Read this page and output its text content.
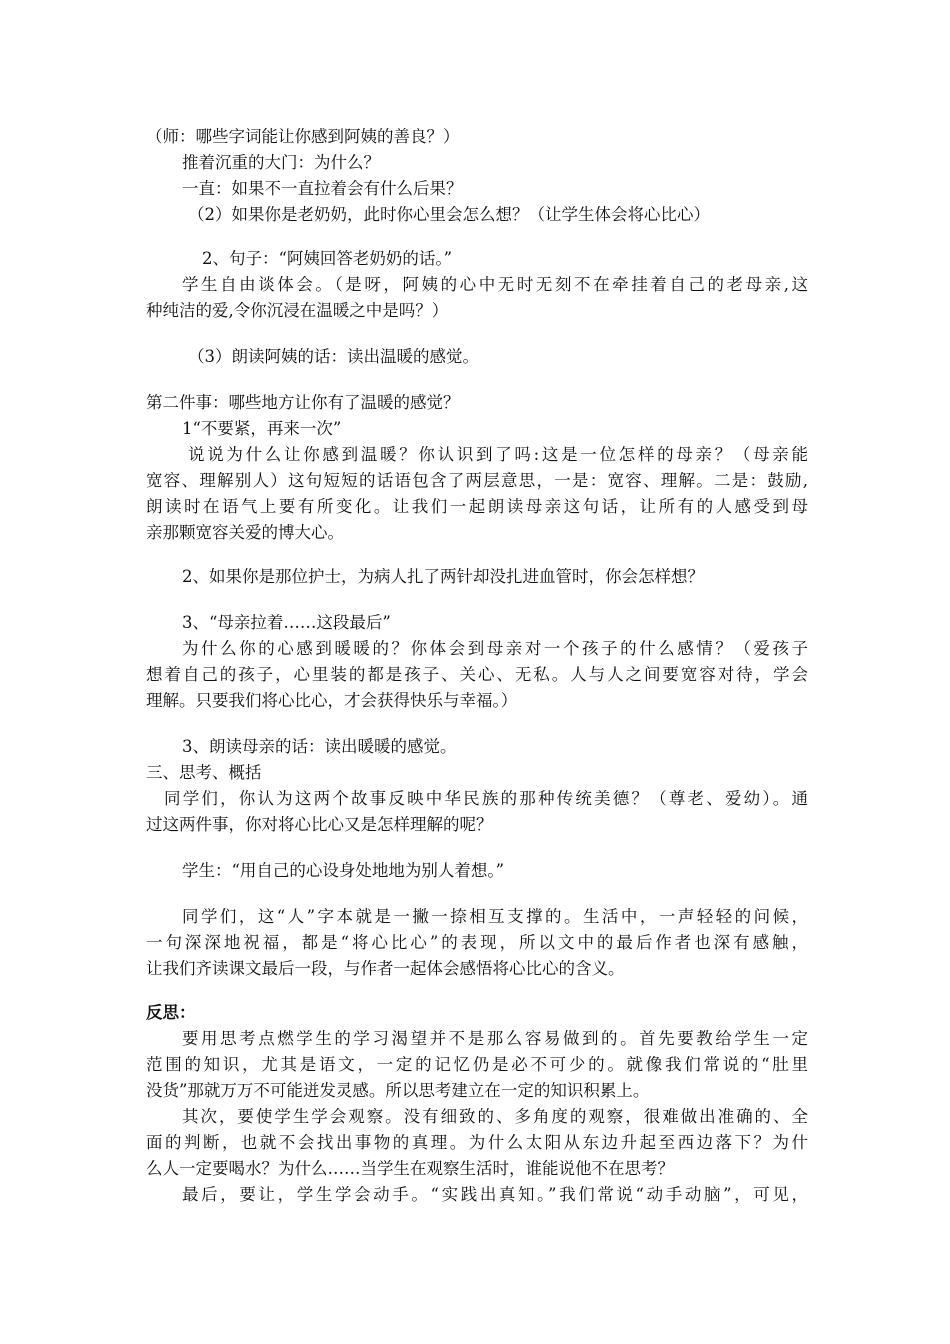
（师：哪些字词能让你感到阿姨的善良？）
推着沉重的大门：为什么？
一直：如果不一直拉着会有什么后果？
（2）如果你是老奶奶，此时你心里会怎么想？（让学生体会将心比心）
2、句子：“阿姨回答老奶奶的话。”
学生自由谈体会。（是呀，阿姨的心中无时无刻不在牵挂着自己的老母亲,这
种纯洁的爱,令你沉浸在温暖之中是吗？）
（3）朗读阿姨的话：读出温暖的感觉。
第二件事：哪些地方让你有了温暖的感觉？
1“不要紧，再来一次”
说说为什么让你感到温暖？你认识到了吗:这是一位怎样的母亲？（母亲能
宽容、理解别人）这句短短的话语包含了两层意思，一是：宽容、理解。二是：鼓励,
朗读时在语气上要有所变化。让我们一起朗读母亲这句话，让所有的人感受到母
亲那颗宽容关爱的博大心。
2、如果你是那位护士，为病人扎了两针却没扎进血管时，你会怎样想？
3、“母亲拉着……这段最后”
为什么你的心感到暖暖的？你体会到母亲对一个孩子的什么感情？（爱孩子
想着自己的孩子，心里装的都是孩子、关心、无私。人与人之间要宽容对待，学会
理解。只要我们将心比心，才会获得快乐与幸福。）
3、朗读母亲的话：读出暖暖的感觉。
三、思考、概括
同学们，你认为这两个故事反映中华民族的那种传统美德？（尊老、爱幼）。通
过这两件事，你对将心比心又是怎样理解的呢？
学生：“用自己的心设身处地地为别人着想。”
同学们，这“人”字本就是一撇一捺相互支撑的。生活中，一声轻轻的问候，
一句深深地祝福，都是“将心比心”的表现，所以文中的最后作者也深有感触，
让我们齐读课文最后一段，与作者一起体会感悟将心比心的含义。
反思：
要用思考点燃学生的学习渴望并不是那么容易做到的。首先要教给学生一定
范围的知识，尤其是语文，一定的记忆仍是必不可少的。就像我们常说的“肚里
没货”那就万万不可能迸发灵感。所以思考建立在一定的知识积累上。
其次，要使学生学会观察。没有细致的、多角度的观察，很难做出准确的、全
面的判断，也就不会找出事物的真理。为什么太阳从东边升起至西边落下？为什
么人一定要喝水？为什么……当学生在观察生活时，谁能说他不在思考？
最后，要让，学生学会动手。“实践出真知。”我们常说“动手动脑”，可见，
